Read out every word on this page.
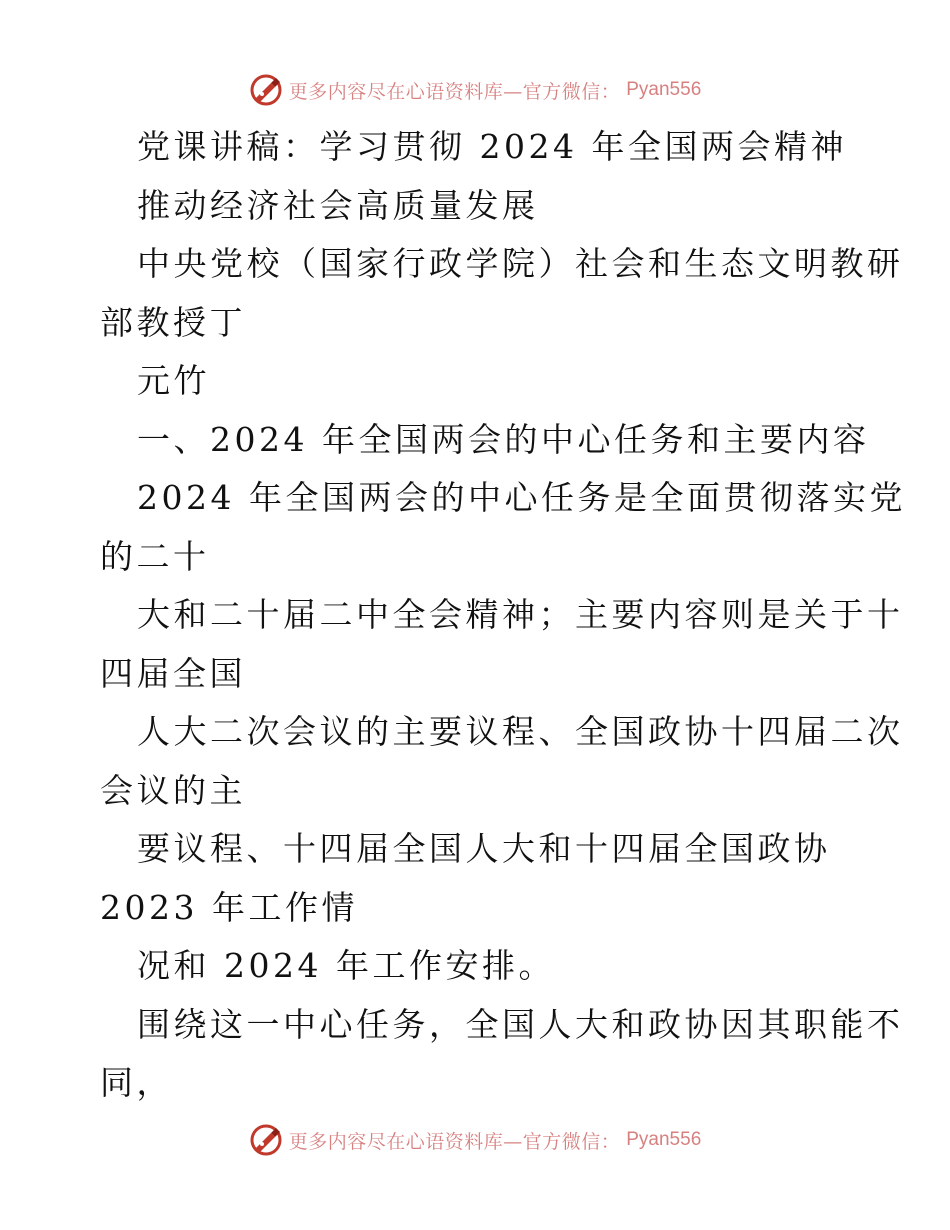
更多内容尽在心语资料库—官方微信： Pyan556

党课讲稿：学习贯彻 2024 年全国两会精神

推动经济社会高质量发展

中央党校（国家行政学院）社会和生态文明教研

部教授丁

元竹

一、2024 年全国两会的中心任务和主要内容

2024 年全国两会的中心任务是全面贯彻落实党

的二十

大和二十届二中全会精神；主要内容则是关于十

四届全国

人大二次会议的主要议程、全国政协十四届二次

会议的主

要议程、十四届全国人大和十四届全国政协

2023 年工作情

况和 2024 年工作安排。

围绕这一中心任务，全国人大和政协因其职能不

同，

更多内容尽在心语资料库—官方微信： Pyan556
